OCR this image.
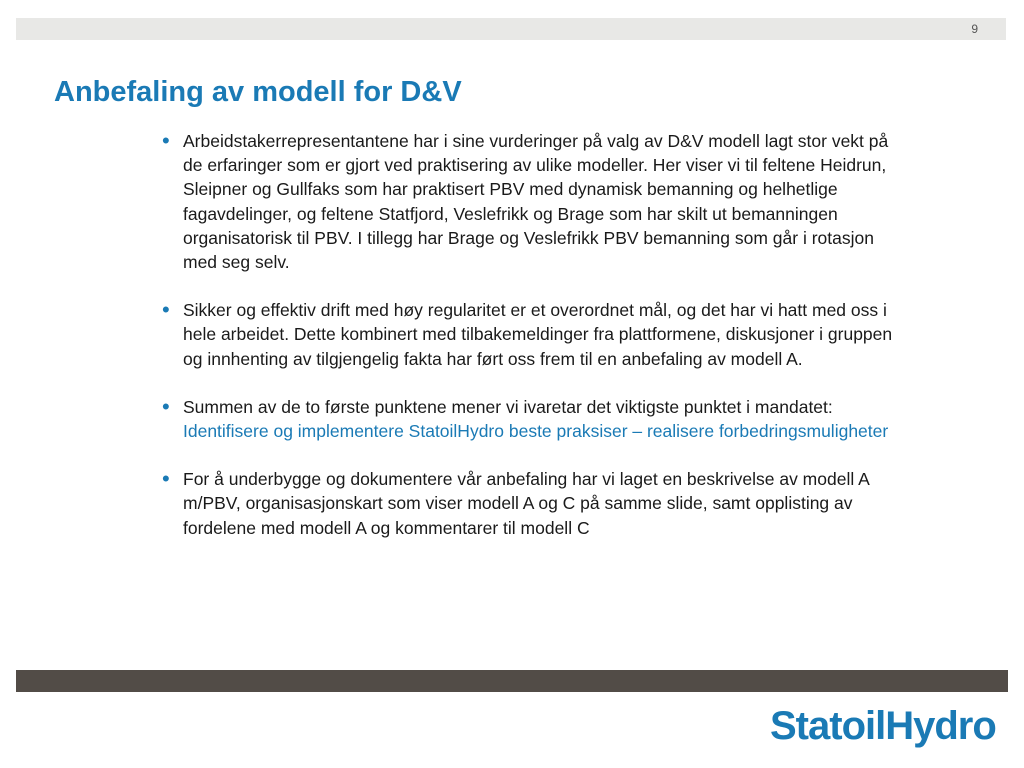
9
Anbefaling av modell for D&V
• Arbeidstakerrepresentantene har i sine vurderinger på valg av D&V modell lagt stor vekt på de erfaringer som er gjort ved praktisering av ulike modeller. Her viser vi til feltene Heidrun, Sleipner og Gullfaks som har praktisert PBV med dynamisk bemanning og helhetlige fagavdelinger, og feltene Statfjord, Veslefrikk og Brage som har skilt ut bemanningen organisatorisk til PBV. I tillegg har Brage og Veslefrikk PBV bemanning som går i rotasjon med seg selv.
• Sikker og effektiv drift med høy regularitet er et overordnet mål, og det har vi hatt med oss i hele arbeidet. Dette kombinert med tilbakemeldinger fra plattformene, diskusjoner i gruppen og innhenting av tilgjengelig fakta har ført oss frem til en anbefaling av modell A.
• Summen av de to første punktene mener vi ivaretar det viktigste punktet i mandatet: Identifisere og implementere StatoilHydro beste praksiser – realisere forbedringsmuligheter
• For å underbygge og dokumentere vår anbefaling har vi laget en beskrivelse av modell A m/PBV, organisasjonskart som viser modell A og C på samme slide, samt opplisting av fordelene med modell A og kommentarer til modell C
StatoilHydro
